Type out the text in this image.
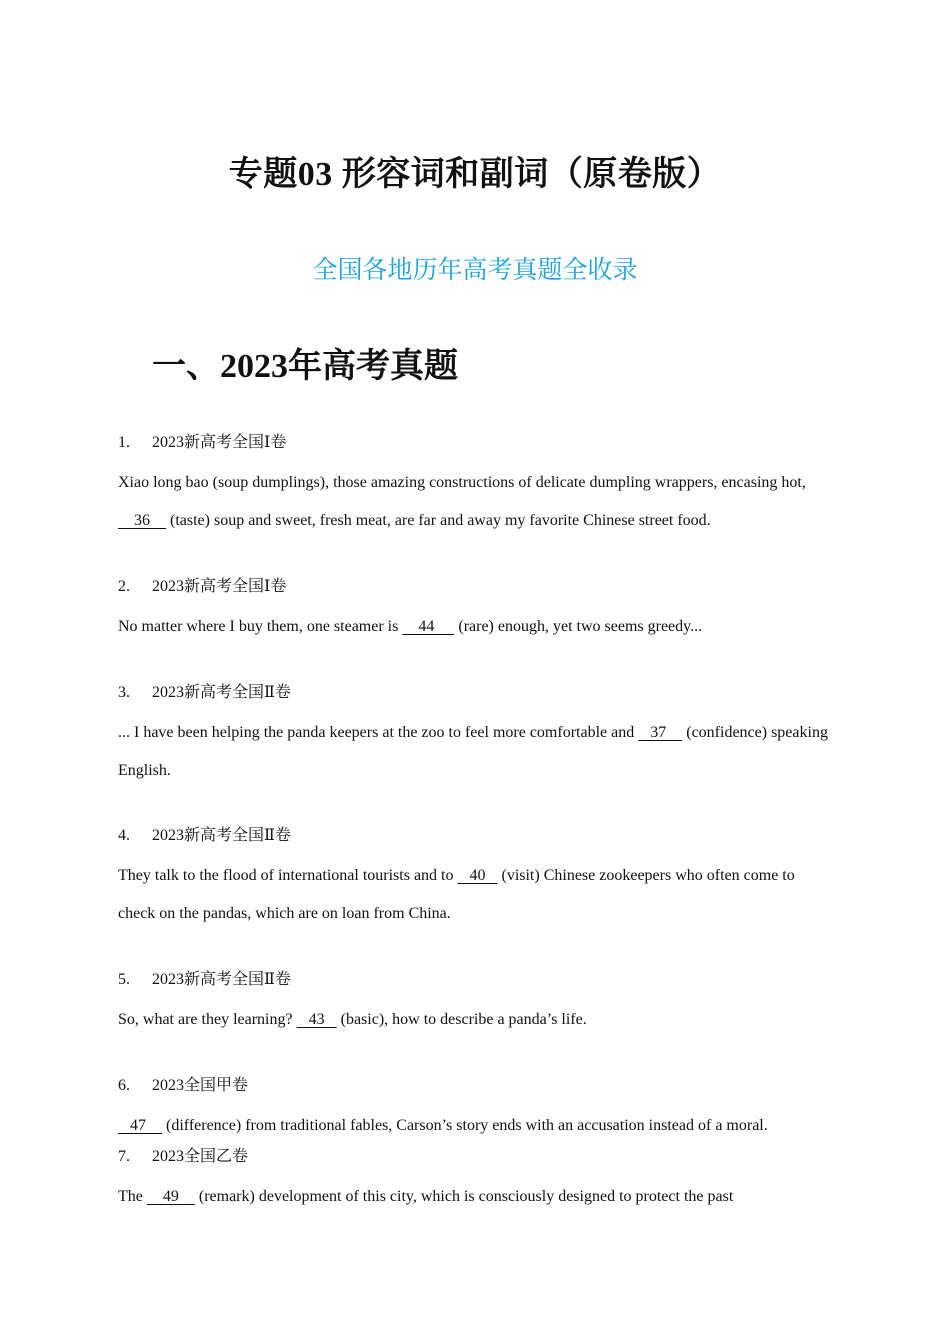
专题03 形容词和副词（原卷版）
全国各地历年高考真题全收录
一、2023年高考真题
1. 2023新高考全国Ⅰ卷
Xiao long bao (soup dumplings), those amazing constructions of delicate dumpling wrappers, encasing hot,     36     (taste) soup and sweet, fresh meat, are far and away my favorite Chinese street food.
2. 2023新高考全国Ⅰ卷
No matter where I buy them, one steamer is     44      (rare) enough, yet two seems greedy...
3. 2023新高考全国Ⅱ卷
... I have been helping the panda keepers at the zoo to feel more comfortable and    37     (confidence) speaking English.
4. 2023新高考全国Ⅱ卷
They talk to the flood of international tourists and to    40    (visit) Chinese zookeepers who often come to check on the pandas, which are on loan from China.
5. 2023新高考全国Ⅱ卷
So, what are they learning?    43    (basic), how to describe a panda’s life.
6. 2023全国甲卷
47     (difference) from traditional fables, Carson’s story ends with an accusation instead of a moral.
7. 2023全国乙卷
The     49     (remark) development of this city, which is consciously designed to protect the past
